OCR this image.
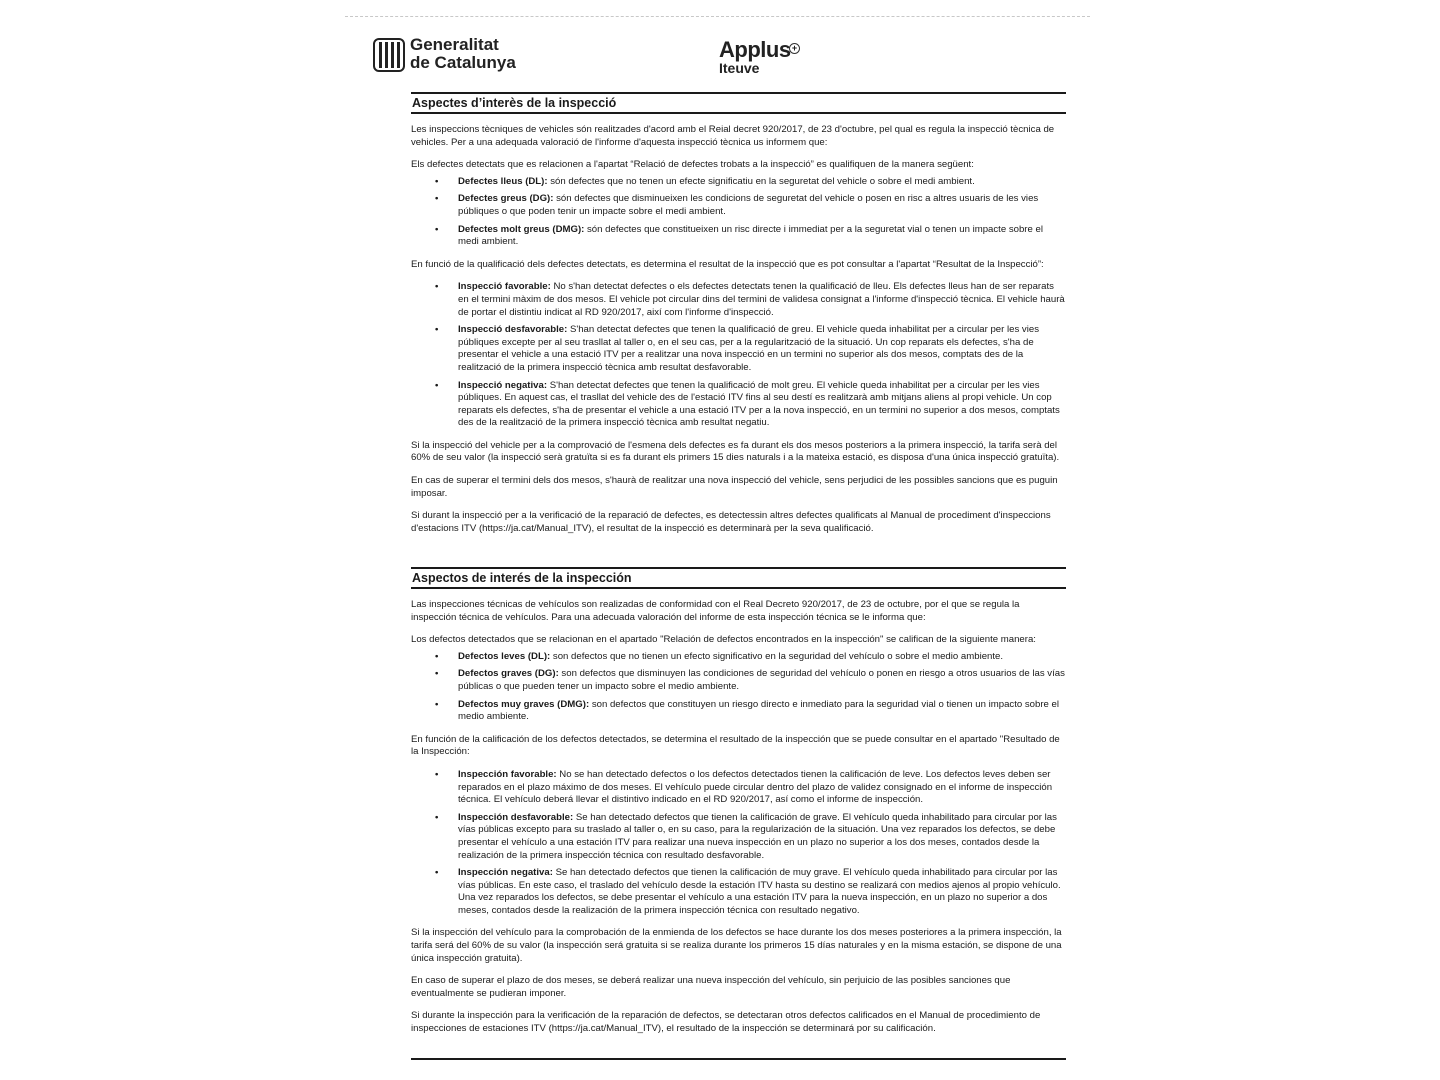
Generalitat
de Catalunya
Applus +
Iteuve
Aspectes d’interès de la inspecció

Les inspeccions tècniques de vehicles són realitzades d'acord amb el Reial decret 920/2017, de 23 d'octubre, pel qual es regula la inspecció tècnica de vehicles. Per a una adequada valoració de l'informe d'aquesta inspecció tècnica us informem que:

Els defectes detectats que es relacionen a l'apartat “Relació de defectes trobats a la inspecció” es qualifiquen de la manera següent:

• Defectes lleus (DL): són defectes que no tenen un efecte significatiu en la seguretat del vehicle o sobre el medi ambient.
• Defectes greus (DG): són defectes que disminueixen les condicions de seguretat del vehicle o posen en risc a altres usuaris de les vies públiques o que poden tenir un impacte sobre el medi ambient.
• Defectes molt greus (DMG): són defectes que constitueixen un risc directe i immediat per a la seguretat vial o tenen un impacte sobre el medi ambient.

En funció de la qualificació dels defectes detectats, es determina el resultat de la inspecció que es pot consultar a l'apartat “Resultat de la Inspecció”:

• Inspecció favorable: No s'han detectat defectes o els defectes detectats tenen la qualificació de lleu. Els defectes lleus han de ser reparats en el termini màxim de dos mesos. El vehicle pot circular dins del termini de validesa consignat a l'informe d'inspecció tècnica. El vehicle haurà de portar el distintiu indicat al RD 920/2017, així com l'informe d'inspecció.
• Inspecció desfavorable: S'han detectat defectes que tenen la qualificació de greu. El vehicle queda inhabilitat per a circular per les vies públiques excepte per al seu trasllat al taller o, en el seu cas, per a la regularització de la situació. Un cop reparats els defectes, s'ha de presentar el vehicle a una estació ITV per a realitzar una nova inspecció en un termini no superior als dos mesos, comptats des de la realització de la primera inspecció tècnica amb resultat desfavorable.
• Inspecció negativa: S'han detectat defectes que tenen la qualificació de molt greu. El vehicle queda inhabilitat per a circular per les vies públiques. En aquest cas, el trasllat del vehicle des de l'estació ITV fins al seu destí es realitzarà amb mitjans aliens al propi vehicle. Un cop reparats els defectes, s'ha de presentar el vehicle a una estació ITV per a la nova inspecció, en un termini no superior a dos mesos, comptats des de la realització de la primera inspecció tècnica amb resultat negatiu.

Si la inspecció del vehicle per a la comprovació de l'esmena dels defectes es fa durant els dos mesos posteriors a la primera inspecció, la tarifa serà del 60% de seu valor (la inspecció serà gratuïta si es fa durant els primers 15 dies naturals i a la mateixa estació, es disposa d'una única inspecció gratuïta).

En cas de superar el termini dels dos mesos, s'haurà de realitzar una nova inspecció del vehicle, sens perjudici de les possibles sancions que es puguin imposar.

Si durant la inspecció per a la verificació de la reparació de defectes, es detectessin altres defectes qualificats al Manual de procediment d'inspeccions d'estacions ITV (https://ja.cat/Manual_ITV), el resultat de la inspecció es determinarà per la seva qualificació.

Aspectos de interés de la inspección

Las inspecciones técnicas de vehículos son realizadas de conformidad con el Real Decreto 920/2017, de 23 de octubre, por el que se regula la inspección técnica de vehículos. Para una adecuada valoración del informe de esta inspección técnica se le informa que:

Los defectos detectados que se relacionan en el apartado "Relación de defectos encontrados en la inspección" se califican de la siguiente manera:

• Defectos leves (DL): son defectos que no tienen un efecto significativo en la seguridad del vehículo o sobre el medio ambiente.
• Defectos graves (DG): son defectos que disminuyen las condiciones de seguridad del vehículo o ponen en riesgo a otros usuarios de las vías públicas o que pueden tener un impacto sobre el medio ambiente.
• Defectos muy graves (DMG): son defectos que constituyen un riesgo directo e inmediato para la seguridad vial o tienen un impacto sobre el medio ambiente.

En función de la calificación de los defectos detectados, se determina el resultado de la inspección que se puede consultar en el apartado "Resultado de la Inspección:

• Inspección favorable: No se han detectado defectos o los defectos detectados tienen la calificación de leve. Los defectos leves deben ser reparados en el plazo máximo de dos meses. El vehículo puede circular dentro del plazo de validez consignado en el informe de inspección técnica. El vehículo deberá llevar el distintivo indicado en el RD 920/2017, así como el informe de inspección.
• Inspección desfavorable: Se han detectado defectos que tienen la calificación de grave. El vehículo queda inhabilitado para circular por las vías públicas excepto para su traslado al taller o, en su caso, para la regularización de la situación. Una vez reparados los defectos, se debe presentar el vehículo a una estación ITV para realizar una nueva inspección en un plazo no superior a los dos meses, contados desde la realización de la primera inspección técnica con resultado desfavorable.
• Inspección negativa: Se han detectado defectos que tienen la calificación de muy grave. El vehículo queda inhabilitado para circular por las vías públicas. En este caso, el traslado del vehículo desde la estación ITV hasta su destino se realizará con medios ajenos al propio vehículo. Una vez reparados los defectos, se debe presentar el vehículo a una estación ITV para la nueva inspección, en un plazo no superior a dos meses, contados desde la realización de la primera inspección técnica con resultado negativo.

Si la inspección del vehículo para la comprobación de la enmienda de los defectos se hace durante los dos meses posteriores a la primera inspección, la tarifa será del 60% de su valor (la inspección será gratuita si se realiza durante los primeros 15 días naturales y en la misma estación, se dispone de una única inspección gratuita).

En caso de superar el plazo de dos meses, se deberá realizar una nueva inspección del vehículo, sin perjuicio de las posibles sanciones que eventualmente se pudieran imponer.

Si durante la inspección para la verificación de la reparación de defectos, se detectaran otros defectos calificados en el Manual de procedimiento de inspecciones de estaciones ITV (https://ja.cat/Manual_ITV), el resultado de la inspección se determinará por su calificación.
